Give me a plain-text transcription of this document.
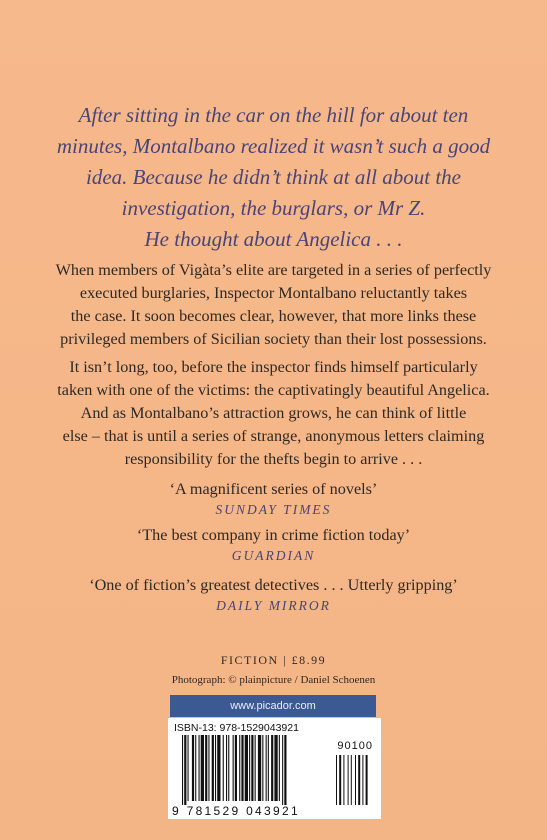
After sitting in the car on the hill for about ten
minutes, Montalbano realized it wasn’t such a good
idea. Because he didn’t think at all about the
investigation, the burglars, or Mr Z.
He thought about Angelica . . .
When members of Vigàta’s elite are targeted in a series of perfectly
executed burglaries, Inspector Montalbano reluctantly takes
the case. It soon becomes clear, however, that more links these
privileged members of Sicilian society than their lost possessions.
It isn’t long, too, before the inspector finds himself particularly
taken with one of the victims: the captivatingly beautiful Angelica.
And as Montalbano’s attraction grows, he can think of little
else – that is until a series of strange, anonymous letters claiming
responsibility for the thefts begin to arrive . . .
‘A magnificent series of novels’
SUNDAY TIMES
‘The best company in crime fiction today’
GUARDIAN
‘One of fiction’s greatest detectives . . . Utterly gripping’
DAILY MIRROR
FICTION | £8.99
Photograph: © plainpicture / Daniel Schoenen
www.picador.com
ISBN-13: 978-1529043921
90100
9 781529 043921
